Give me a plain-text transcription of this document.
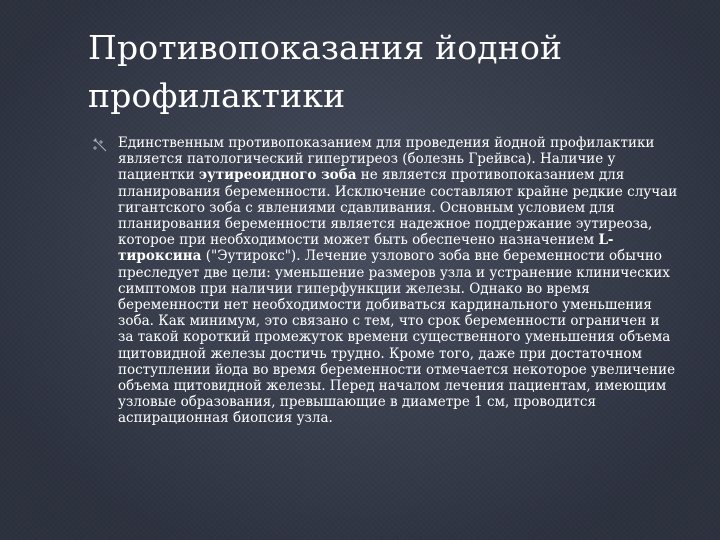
Противопоказания йодной профилактики

Единственным противопоказанием для проведения йодной профилактики является патологический гипертиреоз (болезнь Грейвса). Наличие у пациентки эутиреоидного зоба не является противопоказанием для планирования беременности. Исключение составляют крайне редкие случаи гигантского зоба с явлениями сдавливания. Основным условием для планирования беременности является надежное поддержание эутиреоза, которое при необходимости может быть обеспечено назначением L-тироксина ("Эутирокс"). Лечение узлового зоба вне беременности обычно преследует две цели: уменьшение размеров узла и устранение клинических симптомов при наличии гиперфункции железы. Однако во время беременности нет необходимости добиваться кардинального уменьшения зоба. Как минимум, это связано с тем, что срок беременности ограничен и за такой короткий промежуток времени существенного уменьшения объема щитовидной железы достичь трудно. Кроме того, даже при достаточном поступлении йода во время беременности отмечается некоторое увеличение объема щитовидной железы. Перед началом лечения пациентам, имеющим узловые образования, превышающие в диаметре 1 см, проводится аспирационная биопсия узла.
